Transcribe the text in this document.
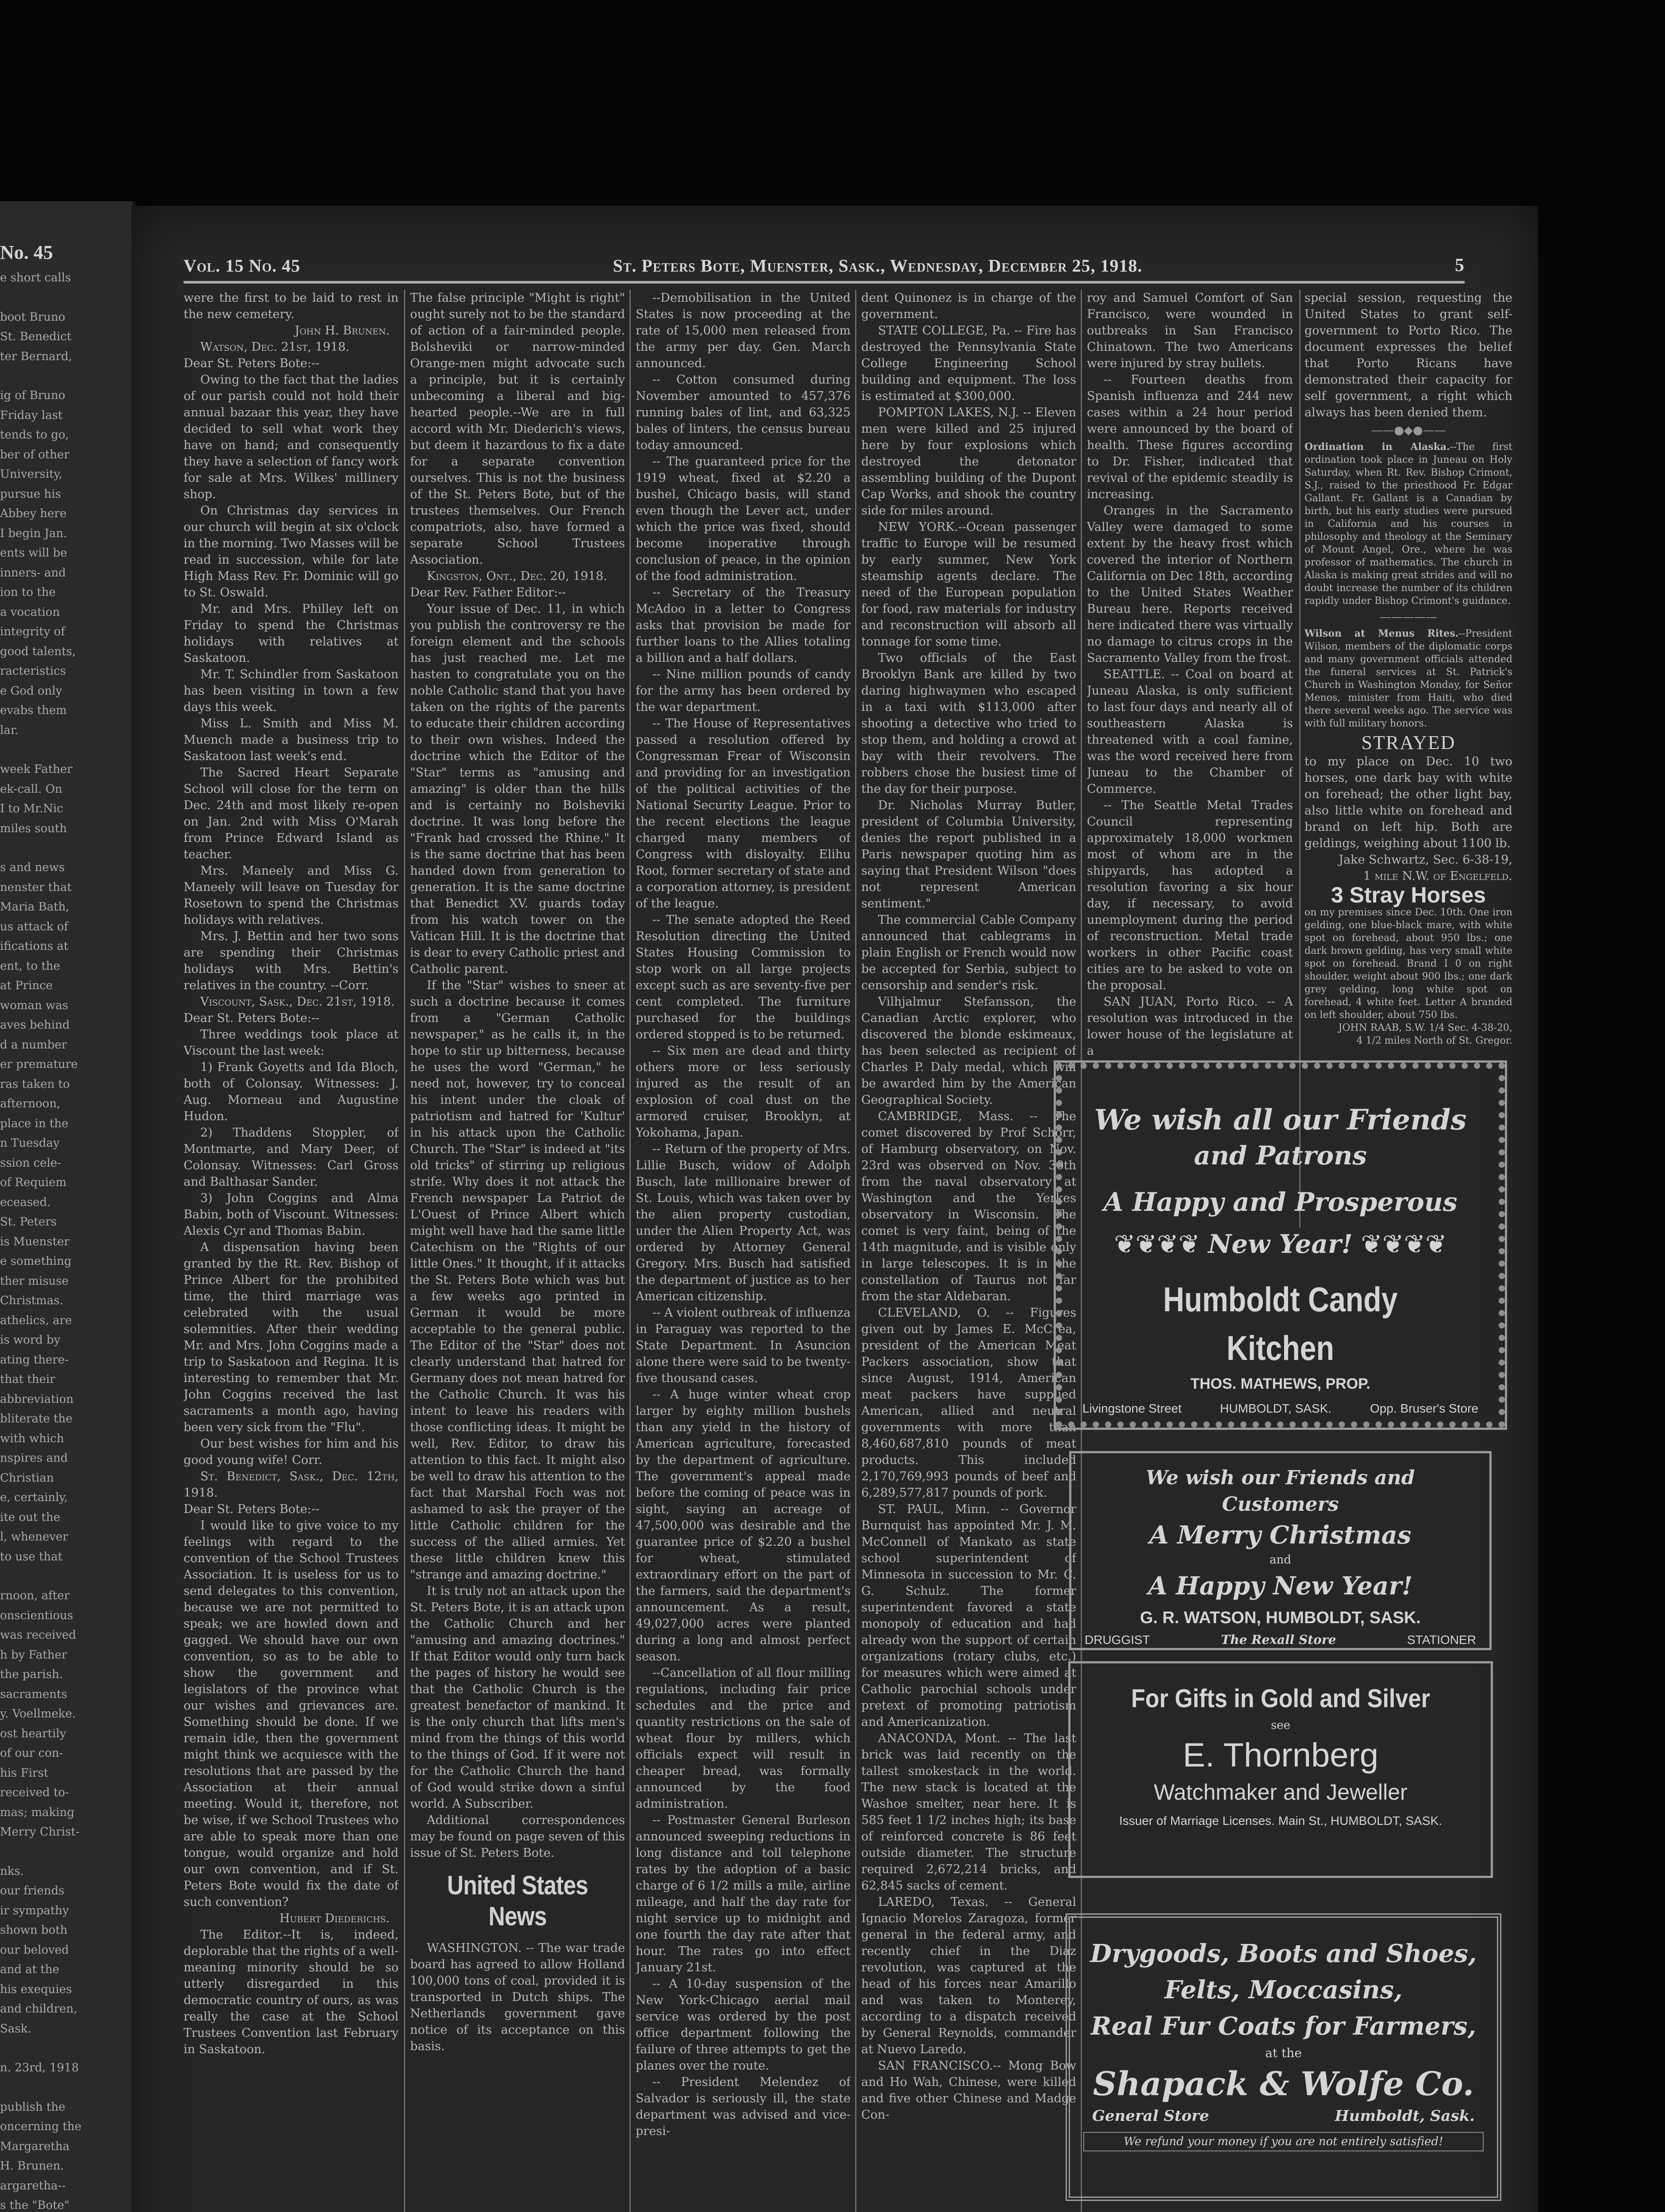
No. 45
e short calls
boot Bruno
St. Benedict
ter Bernard,
ig of Bruno
Friday last
tends to go,
ber of other
University,
pursue his
Abbey here
I begin Jan.
ents will be
inners- and
ion to the
a vocation
integrity of
good talents,
racteristics
e God only
evabs them
lar.
week Father
ek-call. On
I to Mr.Nic
miles south
s and news
nenster that
Maria Bath,
us attack of
ifications at
ent, to the
at Prince
woman was
aves behind
d a number
er premature
ras taken to
afternoon,
place in the
n Tuesday
ssion cele-
of Requiem
eceased.
St. Peters
is Muenster
e something
ther misuse
Christmas.
athelics, are
is word by
ating there-
that their
abbreviation
bliterate the
with which
nspires and
Christian
e, certainly,
ite out the
l, whenever
to use that
rnoon, after
onscientious
was received
h by Father
the parish.
sacraments
y. Voellmeke.
ost heartily
of our con-
his First
received to-
mas; making
Merry Christ-
nks.
our friends
ir sympathy
shown both
our beloved
and at the
his exequies
and children,
Sask.
n. 23rd, 1918
publish the
oncerning the
Margaretha
H. Brunen.
argaretha--
s the "Bote"
Vol. 15 No. 45	St. Peters Bote, Muenster, Sask., Wednesday, December 25, 1918.	5

were the first to be laid to rest in the new cemetery.

John H. Brunen.

Watson, Dec. 21st, 1918.

Dear St. Peters Bote:--

Owing to the fact that the ladies of our parish could not hold their annual bazaar this year, they have decided to sell what work they have on hand; and consequently they have a selection of fancy work for sale at Mrs. Wilkes' millinery shop.

On Christmas day services in our church will begin at six o'clock in the morning. Two Masses will be read in succession, while for late High Mass Rev. Fr. Dominic will go to St. Oswald.

Mr. and Mrs. Philley left on Friday to spend the Christmas holidays with relatives at Saskatoon.

Mr. T. Schindler from Saskatoon has been visiting in town a few days this week.

Miss L. Smith and Miss M. Muench made a business trip to Saskatoon last week's end.

The Sacred Heart Separate School will close for the term on Dec. 24th and most likely re-open on Jan. 2nd with Miss O'Marah from Prince Edward Island as teacher.

Mrs. Maneely and Miss G. Maneely will leave on Tuesday for Rosetown to spend the Christmas holidays with relatives.

Mrs. J. Bettin and her two sons are spending their Christmas holidays with Mrs. Bettin's relatives in the country. --Corr.

Viscount, Sask., Dec. 21st, 1918.

Dear St. Peters Bote:--

Three weddings took place at Viscount the last week:

1) Frank Goyetts and Ida Bloch, both of Colonsay. Witnesses: J. Aug. Morneau and Augustine Hudon.

2) Thaddens Stoppler, of Montmarte, and Mary Deer, of Colonsay. Witnesses: Carl Gross and Balthasar Sander.

3) John Coggins and Alma Babin, both of Viscount. Witnesses: Alexis Cyr and Thomas Babin.

A dispensation having been granted by the Rt. Rev. Bishop of Prince Albert for the prohibited time, the third marriage was celebrated with the usual solemnities. After their wedding Mr. and Mrs. John Coggins made a trip to Saskatoon and Regina. It is interesting to remember that Mr. John Coggins received the last sacraments a month ago, having been very sick from the "Flu".

Our best wishes for him and his good young wife! Corr.

St. Benedict, Sask., Dec. 12th, 1918.

Dear St. Peters Bote:--

I would like to give voice to my feelings with regard to the convention of the School Trustees Association. It is useless for us to send delegates to this convention, because we are not permitted to speak; we are howled down and gagged. We should have our own convention, so as to be able to show the government and legislators of the province what our wishes and grievances are. Something should be done. If we remain idle, then the government might think we acquiesce with the resolutions that are passed by the Association at their annual meeting. Would it, therefore, not be wise, if we School Trustees who are able to speak more than one tongue, would organize and hold our own convention, and if St. Peters Bote would fix the date of such convention?

Hubert Diederichs.

The Editor.--It is, indeed, deplorable that the rights of a well-meaning minority should be so utterly disregarded in this democratic country of ours, as was really the case at the School Trustees Convention last February in Saskatoon.

The false principle "Might is right" ought surely not to be the standard of action of a fair-minded people. Bolsheviki or narrow-minded Orange-men might advocate such a principle, but it is certainly unbecoming a liberal and big-hearted people.--We are in full accord with Mr. Diederich's views, but deem it hazardous to fix a date for a separate convention ourselves. This is not the business of the St. Peters Bote, but of the trustees themselves. Our French compatriots, also, have formed a separate School Trustees Association.

Kingston, Ont., Dec. 20, 1918.

Dear Rev. Father Editor:--

Your issue of Dec. 11, in which you publish the controversy re the foreign element and the schools has just reached me. Let me hasten to congratulate you on the noble Catholic stand that you have taken on the rights of the parents to educate their children according to their own wishes. Indeed the doctrine which the Editor of the "Star" terms as "amusing and amazing" is older than the hills and is certainly no Bolsheviki doctrine. It was long before the "Frank had crossed the Rhine." It is the same doctrine that has been handed down from generation to generation. It is the same doctrine that Benedict XV. guards today from his watch tower on the Vatican Hill. It is the doctrine that is dear to every Catholic priest and Catholic parent.

If the "Star" wishes to sneer at such a doctrine because it comes from a "German Catholic newspaper," as he calls it, in the hope to stir up bitterness, because he uses the word "German," he need not, however, try to conceal his intent under the cloak of patriotism and hatred for 'Kultur' in his attack upon the Catholic Church. The "Star" is indeed at "its old tricks" of stirring up religious strife. Why does it not attack the French newspaper La Patriot de L'Ouest of Prince Albert which might well have had the same little Catechism on the "Rights of our little Ones." It thought, if it attacks the St. Peters Bote which was but a few weeks ago printed in German it would be more acceptable to the general public. The Editor of the "Star" does not clearly understand that hatred for Germany does not mean hatred for the Catholic Church. It was his intent to leave his readers with those conflicting ideas. It might be well, Rev. Editor, to draw his attention to this fact. It might also be well to draw his attention to the fact that Marshal Foch was not ashamed to ask the prayer of the little Catholic children for the success of the allied armies. Yet these little children knew this "strange and amazing doctrine."

It is truly not an attack upon the St. Peters Bote, it is an attack upon the Catholic Church and her "amusing and amazing doctrines." If that Editor would only turn back the pages of history he would see that the Catholic Church is the greatest benefactor of mankind. It is the only church that lifts men's mind from the things of this world to the things of God. If it were not for the Catholic Church the hand of God would strike down a sinful world. A Subscriber.

Additional correspondences may be found on page seven of this issue of St. Peters Bote.

United States News

WASHINGTON. -- The war trade board has agreed to allow Holland 100,000 tons of coal, provided it is transported in Dutch ships. The Netherlands government gave notice of its acceptance on this basis.

--Demobilisation in the United States is now proceeding at the rate of 15,000 men released from the army per day. Gen. March announced.

-- Cotton consumed during November amounted to 457,376 running bales of lint, and 63,325 bales of linters, the census bureau today announced.

-- The guaranteed price for the 1919 wheat, fixed at $2.20 a bushel, Chicago basis, will stand even though the Lever act, under which the price was fixed, should become inoperative through conclusion of peace, in the opinion of the food administration.

-- Secretary of the Treasury McAdoo in a letter to Congress asks that provision be made for further loans to the Allies totaling a billion and a half dollars.

-- Nine million pounds of candy for the army has been ordered by the war department.

-- The House of Representatives passed a resolution offered by Congressman Frear of Wisconsin and providing for an investigation of the political activities of the National Security League. Prior to the recent elections the league charged many members of Congress with disloyalty. Elihu Root, former secretary of state and a corporation attorney, is president of the league.

-- The senate adopted the Reed Resolution directing the United States Housing Commission to stop work on all large projects except such as are seventy-five per cent completed. The furniture purchased for the buildings ordered stopped is to be returned.

-- Six men are dead and thirty others more or less seriously injured as the result of an explosion of coal dust on the armored cruiser, Brooklyn, at Yokohama, Japan.

-- Return of the property of Mrs. Lillie Busch, widow of Adolph Busch, late millionaire brewer of St. Louis, which was taken over by the alien property custodian, under the Alien Property Act, was ordered by Attorney General Gregory. Mrs. Busch had satisfied the department of justice as to her American citizenship.

-- A violent outbreak of influenza in Paraguay was reported to the State Department. In Asuncion alone there were said to be twenty-five thousand cases.

-- A huge winter wheat crop larger by eighty million bushels than any yield in the history of American agriculture, forecasted by the department of agriculture. The government's appeal made before the coming of peace was in sight, saying an acreage of 47,500,000 was desirable and the guarantee price of $2.20 a bushel for wheat, stimulated extraordinary effort on the part of the farmers, said the department's announcement. As a result, 49,027,000 acres were planted during a long and almost perfect season.

--Cancellation of all flour milling regulations, including fair price schedules and the price and quantity restrictions on the sale of wheat flour by millers, which officials expect will result in cheaper bread, was formally announced by the food administration.

-- Postmaster General Burleson announced sweeping reductions in long distance and toll telephone rates by the adoption of a basic charge of 6 1/2 mills a mile, airline mileage, and half the day rate for night service up to midnight and one fourth the day rate after that hour. The rates go into effect January 21st.

-- A 10-day suspension of the New York-Chicago aerial mail service was ordered by the post office department following the failure of three attempts to get the planes over the route.

-- President Melendez of Salvador is seriously ill, the state department was advised and vice-presi-

dent Quinonez is in charge of the government.

STATE COLLEGE, Pa. -- Fire has destroyed the Pennsylvania State College Engineering School building and equipment. The loss is estimated at $300,000.

POMPTON LAKES, N.J. -- Eleven men were killed and 25 injured here by four explosions which destroyed the detonator assembling building of the Dupont Cap Works, and shook the country side for miles around.

NEW YORK.--Ocean passenger traffic to Europe will be resumed by early summer, New York steamship agents declare. The need of the European population for food, raw materials for industry and reconstruction will absorb all tonnage for some time.

Two officials of the East Brooklyn Bank are killed by two daring highwaymen who escaped in a taxi with $113,000 after shooting a detective who tried to stop them, and holding a crowd at bay with their revolvers. The robbers chose the busiest time of the day for their purpose.

Dr. Nicholas Murray Butler, president of Columbia University, denies the report published in a Paris newspaper quoting him as saying that President Wilson "does not represent American sentiment."

The commercial Cable Company announced that cablegrams in plain English or French would now be accepted for Serbia, subject to censorship and sender's risk.

Vilhjalmur Stefansson, the Canadian Arctic explorer, who discovered the blonde eskimeaux, has been selected as recipient of Charles P. Daly medal, which will be awarded him by the American Geographical Society.

CAMBRIDGE, Mass. -- The comet discovered by Prof Schorr, of Hamburg observatory, on Nov. 23rd was observed on Nov. 30th from the naval observatory at Washington and the Yerkes observatory in Wisconsin. The comet is very faint, being of the 14th magnitude, and is visible only in large telescopes. It is in the constellation of Taurus not far from the star Aldebaran.

CLEVELAND, O. -- Figures given out by James E. McCrea, president of the American Meat Packers association, show that since August, 1914, American meat packers have supplied American, allied and neutral governments with more than 8,460,687,810 pounds of meat products. This included 2,170,769,993 pounds of beef and 6,289,577,817 pounds of pork.

ST. PAUL, Minn. -- Governor Burnquist has appointed Mr. J. M. McConnell of Mankato as state school superintendent of Minnesota in succession to Mr. C. G. Schulz. The former superintendent favored a state monopoly of education and had already won the support of certain organizations (rotary clubs, etc.) for measures which were aimed at Catholic parochial schools under pretext of promoting patriotism and Americanization.

ANACONDA, Mont. -- The last brick was laid recently on the tallest smokestack in the world. The new stack is located at the Washoe smelter, near here. It is 585 feet 1 1/2 inches high; its base of reinforced concrete is 86 feet outside diameter. The structure required 2,672,214 bricks, and 62,845 sacks of cement.

LAREDO, Texas. -- General Ignacio Morelos Zaragoza, former general in the federal army, and recently chief in the Diaz revolution, was captured at the head of his forces near Amarillo and was taken to Monterey, according to a dispatch received by General Reynolds, commander at Nuevo Laredo.

SAN FRANCISCO.-- Mong Bow and Ho Wah, Chinese, were killed and five other Chinese and Madge Con-

roy and Samuel Comfort of San Francisco, were wounded in outbreaks in San Francisco Chinatown. The two Americans were injured by stray bullets.

-- Fourteen deaths from Spanish influenza and 244 new cases within a 24 hour period were announced by the board of health. These figures according to Dr. Fisher, indicated that revival of the epidemic steadily is increasing.

Oranges in the Sacramento Valley were damaged to some extent by the heavy frost which covered the interior of Northern California on Dec 18th, according to the United States Weather Bureau here. Reports received here indicated there was virtually no damage to citrus crops in the Sacramento Valley from the frost.

SEATTLE. -- Coal on board at Juneau Alaska, is only sufficient to last four days and nearly all of southeastern Alaska is threatened with a coal famine, was the word received here from Juneau to the Chamber of Commerce.

-- The Seattle Metal Trades Council representing approximately 18,000 workmen most of whom are in the shipyards, has adopted a resolution favoring a six hour day, if necessary, to avoid unemployment during the period of reconstruction. Metal trade workers in other Pacific coast cities are to be asked to vote on the proposal.

SAN JUAN, Porto Rico. -- A resolution was introduced in the lower house of the legislature at a

special session, requesting the United States to grant self-government to Porto Rico. The document expresses the belief that Porto Ricans have demonstrated their capacity for self government, a right which always has been denied them.

——●◆●——

Ordination in Alaska.--The first ordination took place in Juneau on Holy Saturday, when Rt. Rev. Bishop Crimont, S.J., raised to the priesthood Fr. Edgar Gallant. Fr. Gallant is a Canadian by birth, but his early studies were pursued in California and his courses in philosophy and theology at the Seminary of Mount Angel, Ore., where he was professor of mathematics. The church in Alaska is making great strides and will no doubt increase the number of its children rapidly under Bishop Crimont's guidance.

—————

Wilson at Menus Rites.--President Wilson, members of the diplomatic corps and many government officials attended the funeral services at St. Patrick's Church in Washington Monday, for Señor Menos, minister from Haiti, who died there several weeks ago. The service was with full military honors.

STRAYED

to my place on Dec. 10 two horses, one dark bay with white on forehead; the other light bay, also little white on forehead and brand on left hip. Both are geldings, weighing about 1100 lb.

Jake Schwartz, Sec. 6-38-19,

1 mile N.W. of Engelfeld.

3 Stray Horses

on my premises since Dec. 10th. One iron gelding, one blue-black mare, with white spot on forehead, about 950 lbs.; one dark brown gelding, has very small white spot on forehead. Brand I 0 on right shoulder, weight about 900 lbs.; one dark grey gelding, long white spot on forehead, 4 white feet. Letter A branded on left shoulder, about 750 lbs.

JOHN RAAB, S.W. 1/4 Sec. 4-38-20,

4 1/2 miles North of St. Gregor.

We wish all our Friends
and Patrons
A Happy and Prosperous
❦❦❦❦ New Year! ❦❦❦❦
Humboldt Candy Kitchen
THOS. MATHEWS, PROP.
Livingstone Street	HUMBOLDT, SASK.	Opp. Bruser's Store
We wish our Friends and Customers
A Merry Christmas
and
A Happy New Year!
G. R. WATSON, HUMBOLDT, SASK.
DRUGGIST	The Rexall Store	STATIONER
For Gifts in Gold and Silver
see
E. Thornberg
Watchmaker and Jeweller
Issuer of Marriage Licenses. Main St., HUMBOLDT, SASK.
Drygoods, Boots and Shoes,
Felts, Moccasins,
Real Fur Coats for Farmers,
at the
Shapack & Wolfe Co.
General Store	Humboldt, Sask.
We refund your money if you are not entirely satisfied!
